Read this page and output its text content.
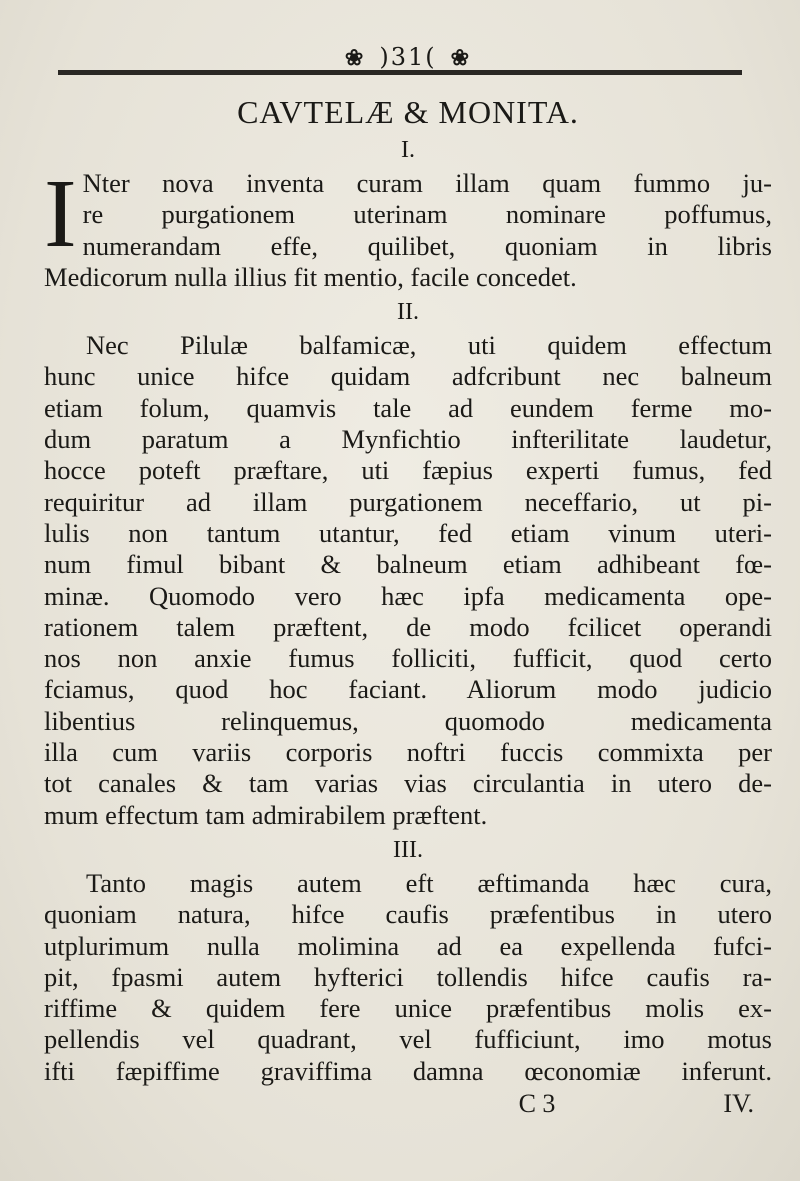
❀ )31( ❀
CAVTELÆ & MONITA.
I.
I Nter nova inventa curam illam quam fummo ju-
re purgationem uterinam nominare poffumus,
numerandam effe, quilibet, quoniam in libris
Medicorum nulla illius fit mentio, facile concedet.
II.
Nec Pilulæ balfamicæ, uti quidem effectum
hunc unice hifce quidam adfcribunt nec balneum
etiam folum, quamvis tale ad eundem ferme mo-
dum paratum a Mynfichtio infterilitate laudetur,
hocce poteft præftare, uti fæpius experti fumus, fed
requiritur ad illam purgationem neceffario, ut pi-
lulis non tantum utantur, fed etiam vinum uteri-
num fimul bibant & balneum etiam adhibeant fœ-
minæ. Quomodo vero hæc ipfa medicamenta ope-
rationem talem præftent, de modo fcilicet operandi
nos non anxie fumus folliciti, fufficit, quod certo
fciamus, quod hoc faciant. Aliorum modo judicio
libentius relinquemus, quomodo medicamenta
illa cum variis corporis noftri fuccis commixta per
tot canales & tam varias vias circulantia in utero de-
mum effectum tam admirabilem præftent.
III.
Tanto magis autem eft æftimanda hæc cura,
quoniam natura, hifce caufis præfentibus in utero
utplurimum nulla molimina ad ea expellenda fufci-
pit, fpasmi autem hyfterici tollendis hifce caufis ra-
riffime & quidem fere unice præfentibus molis ex-
pellendis vel quadrant, vel fufficiunt, imo motus
ifti fæpiffime graviffima damna œconomiæ inferunt.
C 3	IV.
